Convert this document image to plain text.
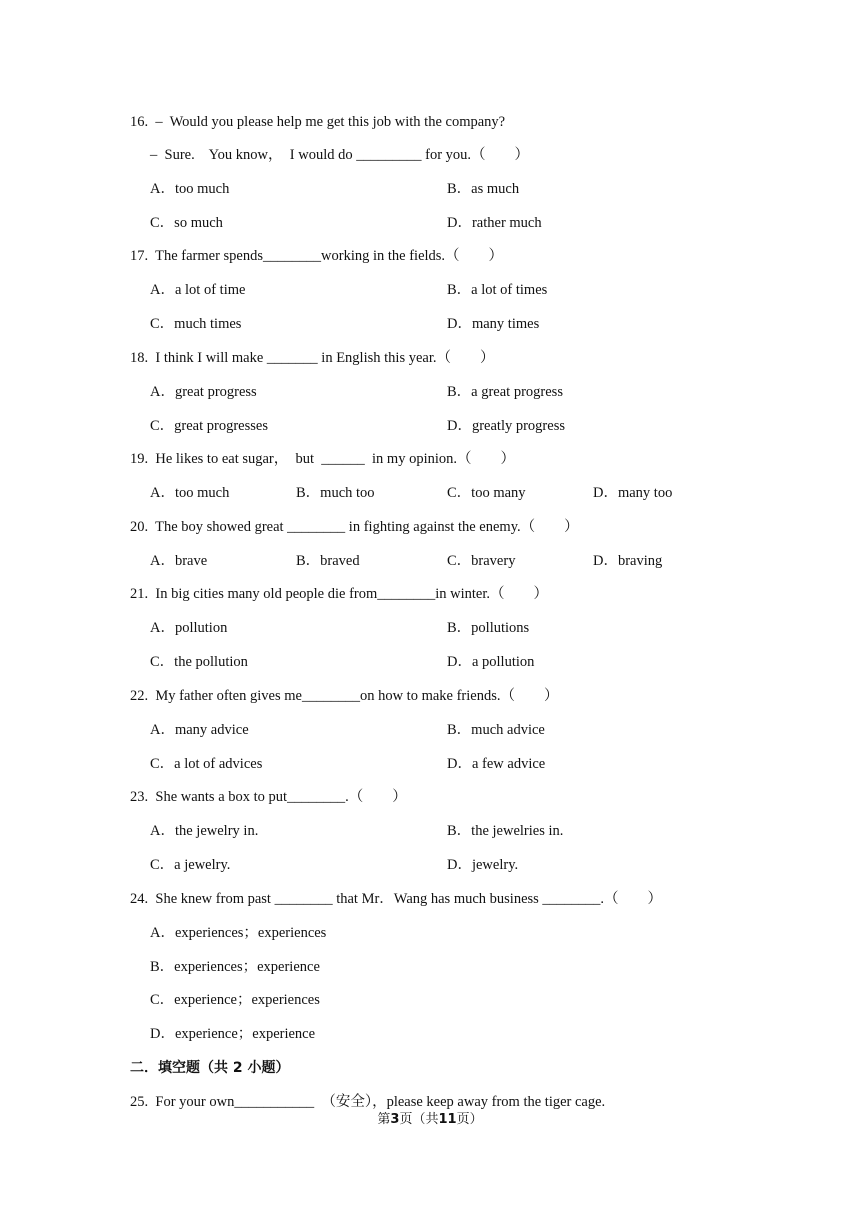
16.  –  Would you please help me get this job with the company?
–  Sure.    You know，  I would do _________ for you.（        ）
A．too much	B．as much
C．so much	D．rather much
17.  The farmer spends________working in the fields.（        ）
A．a lot of time	B．a lot of times
C．much times	D．many times
18.  I think I will make _______ in English this year.（        ）
A．great progress	B．a great progress
C．great progresses	D．greatly progress
19.  He likes to eat sugar，  but  ______  in my opinion.（        ）
A．too much	B．much too	C．too many	D．many too
20.  The boy showed great ________ in fighting against the enemy.（        ）
A．brave	B．braved	C．bravery	D．braving
21.  In big cities many old people die from________in winter.（        ）
A．pollution	B．pollutions
C．the pollution	D．a pollution
22.  My father often gives me________on how to make friends.（        ）
A．many advice	B．much advice
C．a lot of advices	D．a few advice
23.  She wants a box to put________.（        ）
A．the jewelry in.	B．the jewelries in.
C．a jewelry.	D．jewelry.
24.  She knew from past ________ that Mr．Wang has much business ________.（        ）
A．experiences；experiences
B．experiences；experience
C．experience；experiences
D．experience；experience
二．填空题（共 2 小题）
25. For your own___________ （安全），please keep away from the tiger cage.
第3页（共11页）
